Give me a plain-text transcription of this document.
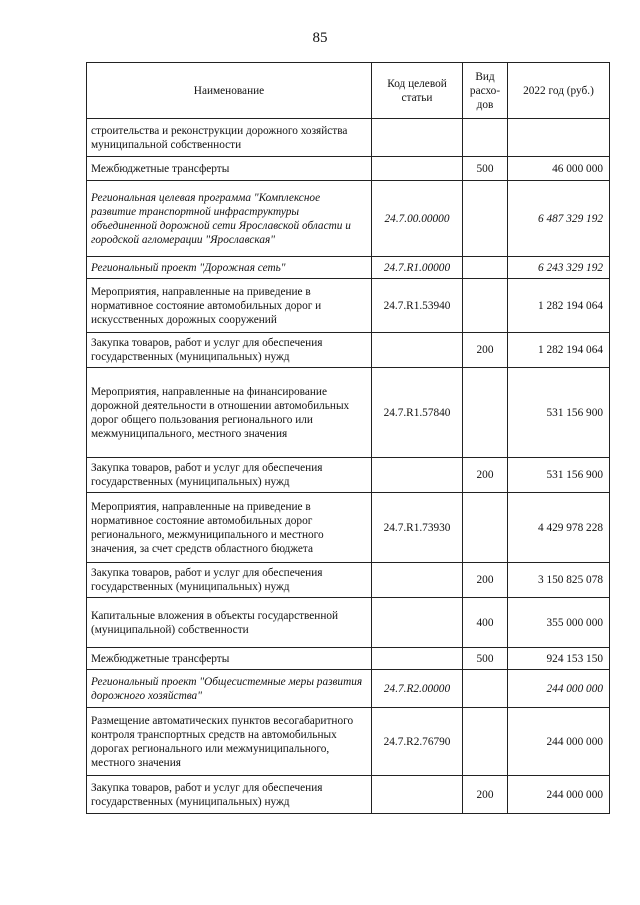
85
Наименование	Код целевой статьи	Вид расхо-дов	2022 год (руб.)
строительства и реконструкции дорожного хозяйства муниципальной собственности			
Межбюджетные трансферты		500	46 000 000
Региональная целевая программа "Комплексное развитие транспортной инфраструктуры объединенной дорожной сети Ярославской области и городской агломерации "Ярославская"	24.7.00.00000		6 487 329 192
Региональный проект "Дорожная сеть"	24.7.R1.00000		6 243 329 192
Мероприятия, направленные на приведение в нормативное состояние автомобильных дорог и искусственных дорожных сооружений	24.7.R1.53940		1 282 194 064
Закупка товаров, работ и услуг для обеспечения государственных (муниципальных) нужд		200	1 282 194 064
Мероприятия, направленные на финансирование дорожной деятельности в отношении автомобильных дорог общего пользования регионального или межмуниципального, местного значения	24.7.R1.57840		531 156 900
Закупка товаров, работ и услуг для обеспечения государственных (муниципальных) нужд		200	531 156 900
Мероприятия, направленные на приведение в нормативное состояние автомобильных дорог регионального, межмуниципального и местного значения, за счет средств областного бюджета	24.7.R1.73930		4 429 978 228
Закупка товаров, работ и услуг для обеспечения государственных (муниципальных) нужд		200	3 150 825 078
Капитальные вложения в объекты государственной (муниципальной) собственности		400	355 000 000
Межбюджетные трансферты		500	924 153 150
Региональный проект "Общесистемные меры развития дорожного хозяйства"	24.7.R2.00000		244 000 000
Размещение автоматических пунктов весогабаритного контроля транспортных средств на автомобильных дорогах регионального или межмуниципального, местного значения	24.7.R2.76790		244 000 000
Закупка товаров, работ и услуг для обеспечения государственных (муниципальных) нужд		200	244 000 000
